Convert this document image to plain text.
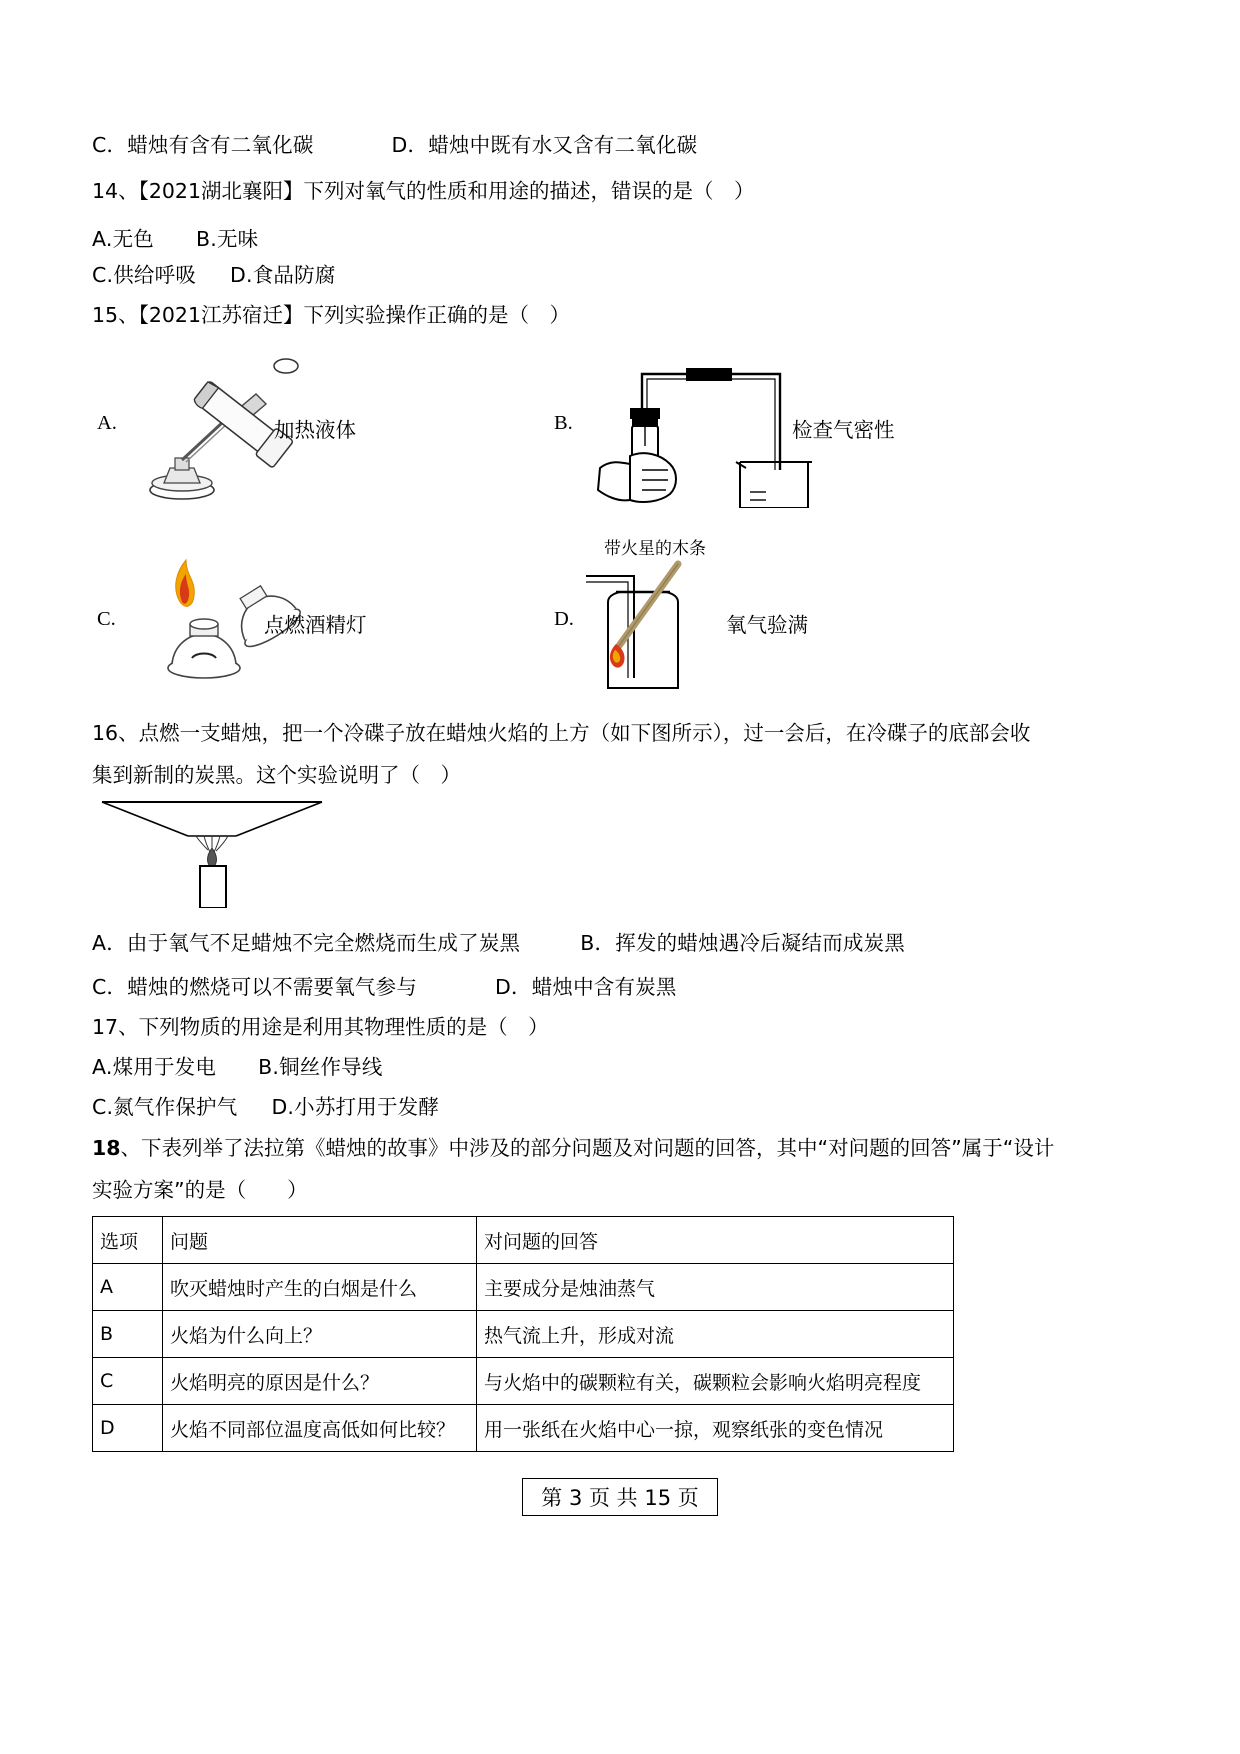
C．蜡烛有含有二氧化碳	D．蜡烛中既有水又含有二氧化碳
14、【2021湖北襄阳】下列对氧气的性质和用途的描述，错误的是（　）
A.无色 B.无味
C.供给呼吸 D.食品防腐
15、【2021江苏宿迁】下列实验操作正确的是（　）
A.	加热液体	B.	检查气密性
C.	点燃酒精灯
带火星的木条
D.	氧气验满
16、点燃一支蜡烛，把一个冷碟子放在蜡烛火焰的上方（如下图所示），过一会后，在冷碟子的底部会收
集到新制的炭黑。这个实验说明了（　）
A．由于氧气不足蜡烛不完全燃烧而生成了炭黑	B．挥发的蜡烛遇冷后凝结而成炭黑
C．蜡烛的燃烧可以不需要氧气参与	D．蜡烛中含有炭黑
17、下列物质的用途是利用其物理性质的是（　）
A.煤用于发电 B.铜丝作导线
C.氮气作保护气 D.小苏打用于发酵
18、下表列举了法拉第《蜡烛的故事》中涉及的部分问题及对问题的回答，其中“对问题的回答”属于“设计
实验方案”的是（　　）
选项	问题	对问题的回答
A	吹灭蜡烛时产生的白烟是什么	主要成分是烛油蒸气
B	火焰为什么向上？	热气流上升，形成对流
C	火焰明亮的原因是什么？	与火焰中的碳颗粒有关，碳颗粒会影响火焰明亮程度
D	火焰不同部位温度高低如何比较？	用一张纸在火焰中心一掠，观察纸张的变色情况
第 3 页 共 15 页
